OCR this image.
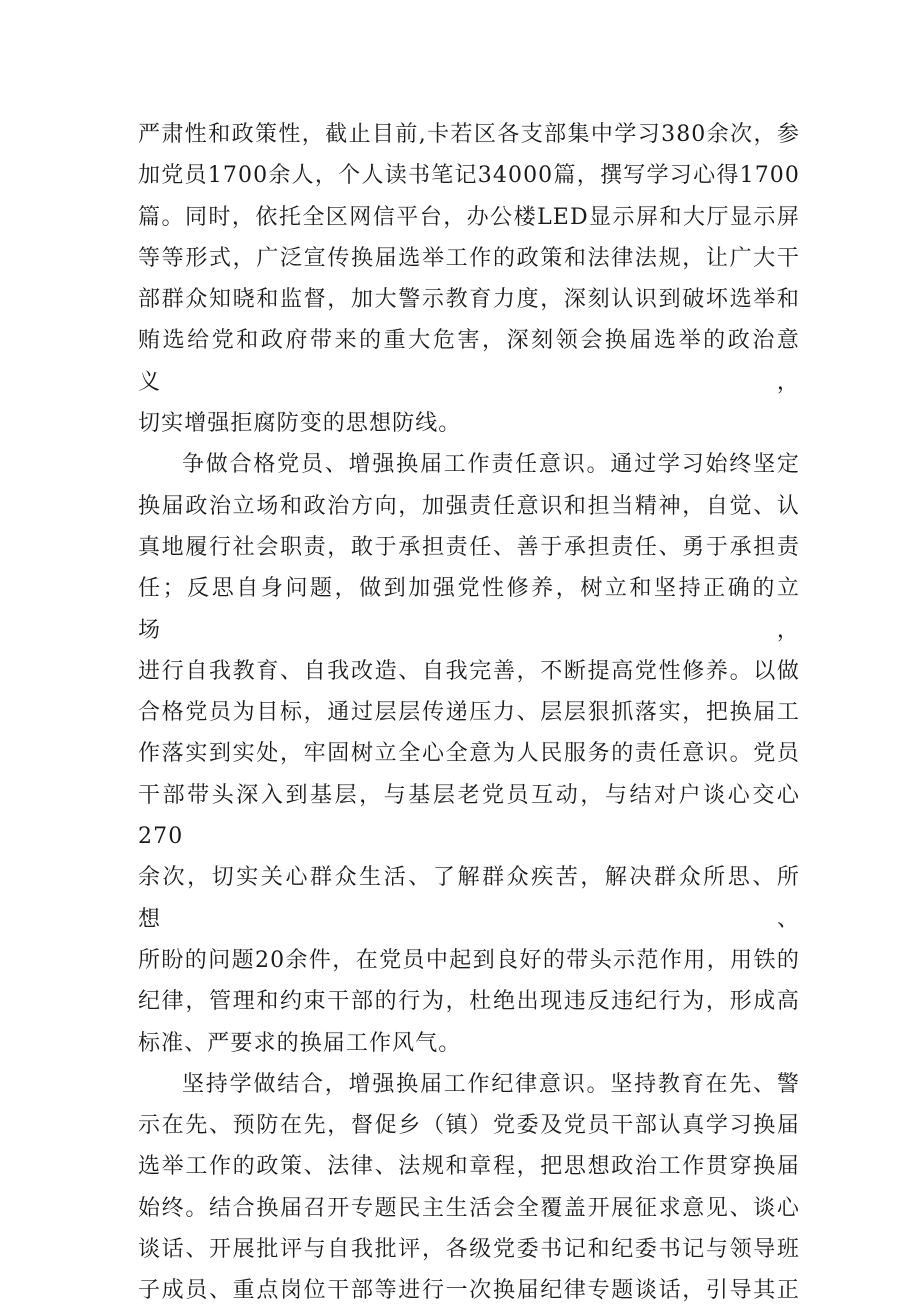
严肃性和政策性，截止目前,卡若区各支部集中学习380余次，参
加党员1700余人，个人读书笔记34000篇，撰写学习心得1700
篇。同时，依托全区网信平台，办公楼LED显示屏和大厅显示屏
等等形式，广泛宣传换届选举工作的政策和法律法规，让广大干
部群众知晓和监督，加大警示教育力度，深刻认识到破坏选举和
贿选给党和政府带来的重大危害，深刻领会换届选举的政治意义，
切实增强拒腐防变的思想防线。
争做合格党员、增强换届工作责任意识。通过学习始终坚定
换届政治立场和政治方向，加强责任意识和担当精神，自觉、认
真地履行社会职责，敢于承担责任、善于承担责任、勇于承担责
任；反思自身问题，做到加强党性修养，树立和坚持正确的立场，
进行自我教育、自我改造、自我完善，不断提高党性修养。以做
合格党员为目标，通过层层传递压力、层层狠抓落实，把换届工
作落实到实处，牢固树立全心全意为人民服务的责任意识。党员
干部带头深入到基层，与基层老党员互动，与结对户谈心交心270
余次，切实关心群众生活、了解群众疾苦，解决群众所思、所想、
所盼的问题20余件，在党员中起到良好的带头示范作用，用铁的
纪律，管理和约束干部的行为，杜绝出现违反违纪行为，形成高
标准、严要求的换届工作风气。
坚持学做结合，增强换届工作纪律意识。坚持教育在先、警
示在先、预防在先，督促乡（镇）党委及党员干部认真学习换届
选举工作的政策、法律、法规和章程，把思想政治工作贯穿换届
始终。结合换届召开专题民主生活会全覆盖开展征求意见、谈心
谈话、开展批评与自我批评，各级党委书记和纪委书记与领导班
子成员、重点岗位干部等进行一次换届纪律专题谈话，引导其正
